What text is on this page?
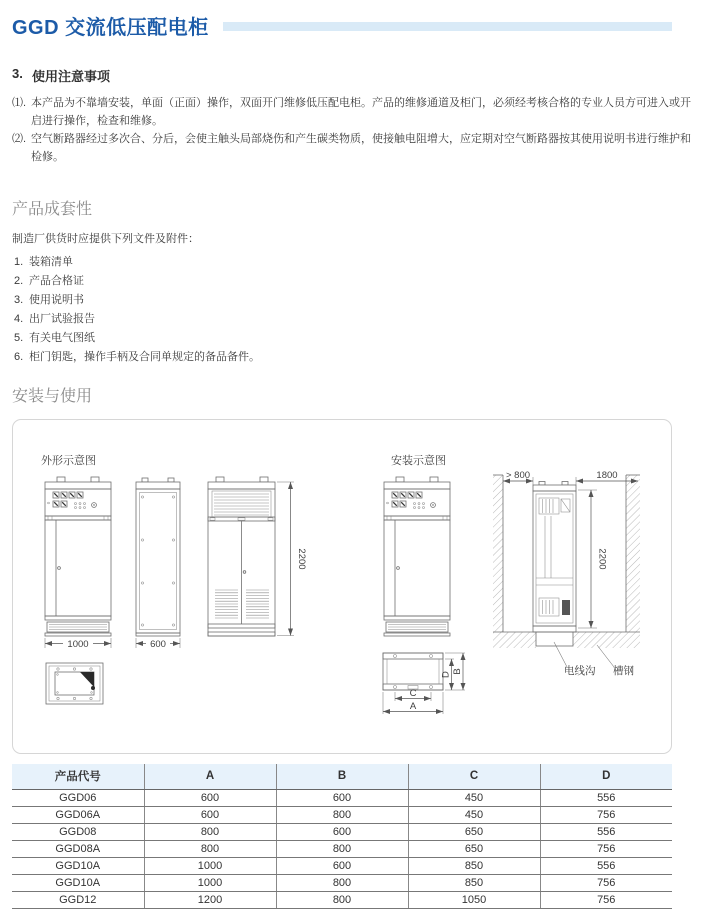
GGD 交流低压配电柜
3. 使用注意事项
⑴. 本产品为不靠墙安装，单面（正面）操作，双面开门维修低压配电柜。产品的维修通道及柜门，必须经考核合格的专业人员方可进入或开启进行操作，检查和维修。
⑵. 空气断路器经过多次合、分后，会使主触头局部烧伤和产生碳类物质，使接触电阻增大，应定期对空气断路器按其使用说明书进行维护和检修。
产品成套性
制造厂供货时应提供下列文件及附件：
1. 装箱清单
2. 产品合格证
3. 使用说明书
4. 出厂试验报告
5. 有关电气图纸
6. 柜门钥匙，操作手柄及合同单规定的备品备件。
安装与使用
外形示意图	安装示意图
1000	600
2200
D B
C
A
> 800	1800
2200
电线沟 槽钢
产品代号	A	B	C	D
GGD06	600	600	450	556
GGD06A	600	800	450	756
GGD08	800	600	650	556
GGD08A	800	800	650	756
GGD10A	1000	600	850	556
GGD10A	1000	800	850	756
GGD12	1200	800	1050	756
